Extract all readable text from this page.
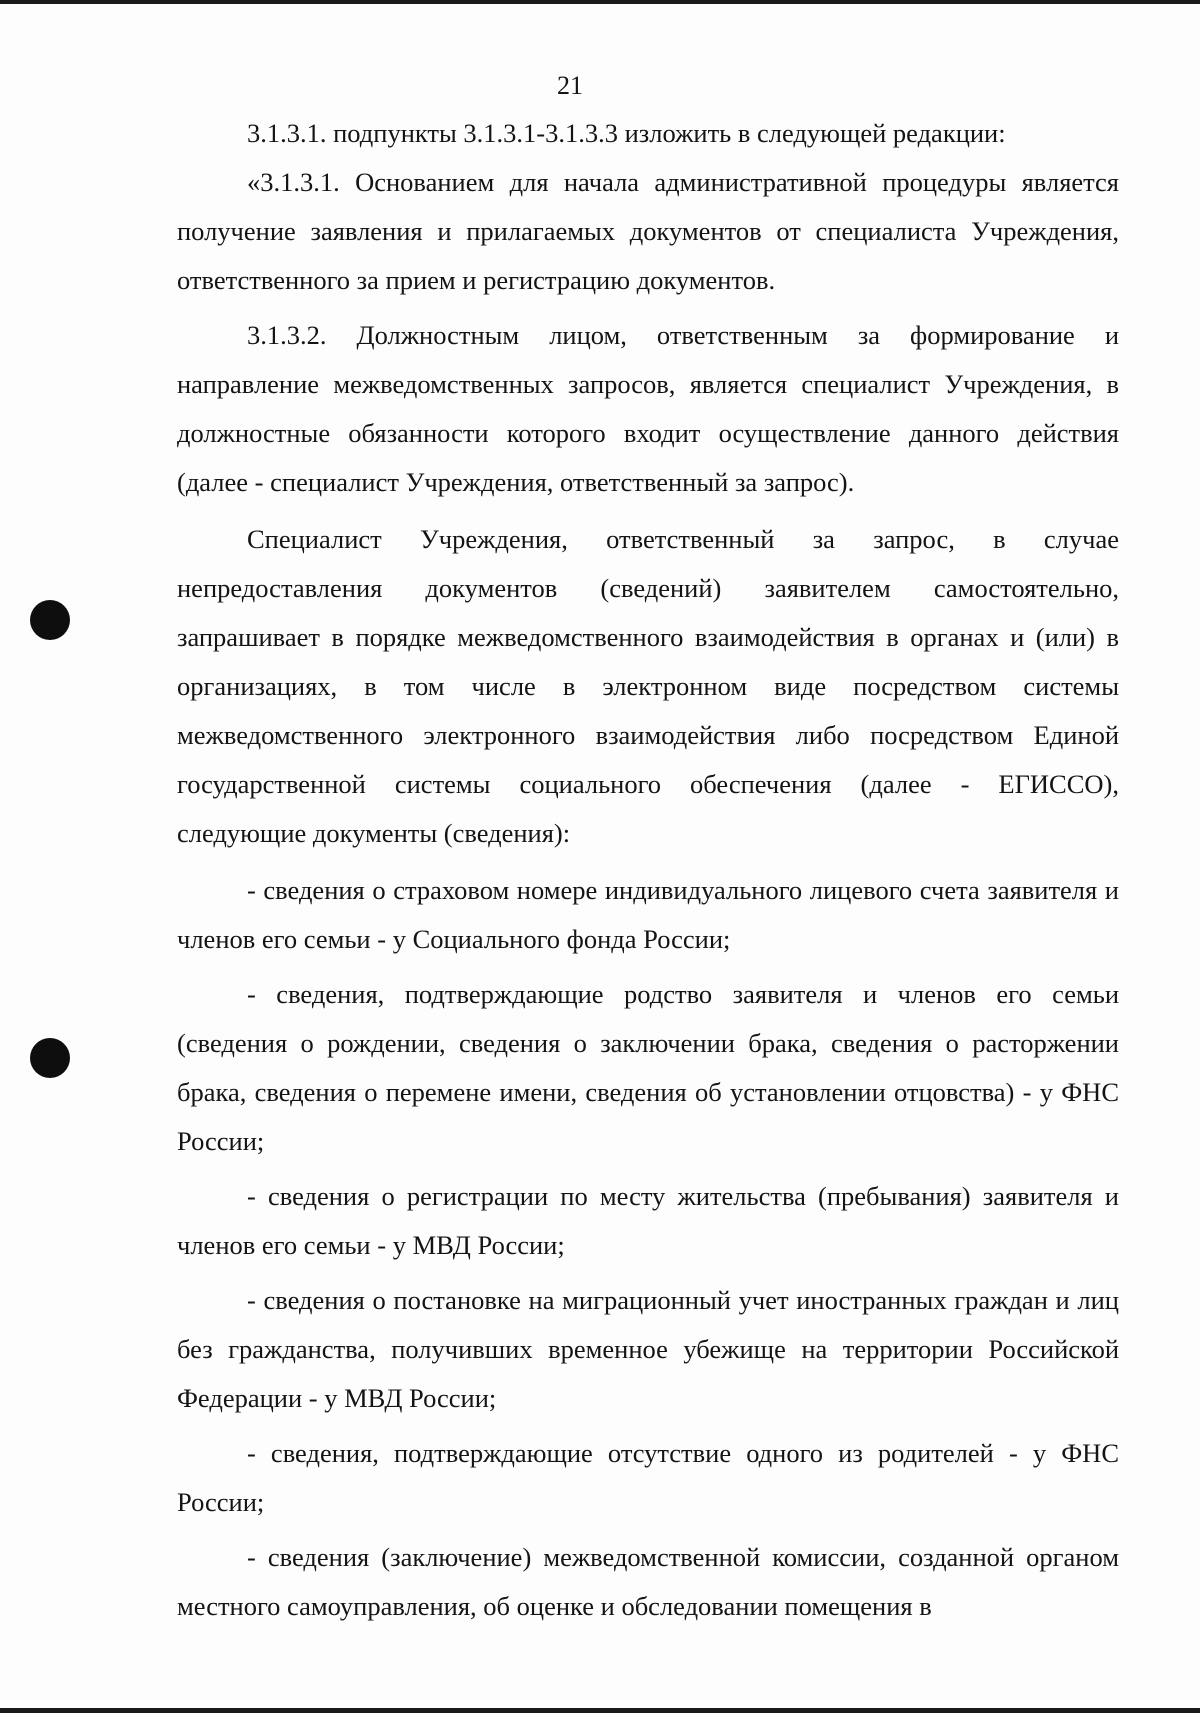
21

3.1.3.1. подпункты 3.1.3.1-3.1.3.3 изложить в следующей редакции:

«3.1.3.1. Основанием для начала административной процедуры является получение заявления и прилагаемых документов от специалиста Учреждения, ответственного за прием и регистрацию документов.

3.1.3.2. Должностным лицом, ответственным за формирование и направление межведомственных запросов, является специалист Учреждения, в должностные обязанности которого входит осуществление данного действия (далее - специалист Учреждения, ответственный за запрос).

Специалист Учреждения, ответственный за запрос, в случае непредоставления документов (сведений) заявителем самостоятельно, запрашивает в порядке межведомственного взаимодействия в органах и (или) в организациях, в том числе в электронном виде посредством системы межведомственного электронного взаимодействия либо посредством Единой государственной системы социального обеспечения (далее - ЕГИССО), следующие документы (сведения):

- сведения о страховом номере индивидуального лицевого счета заявителя и членов его семьи - у Социального фонда России;

- сведения, подтверждающие родство заявителя и членов его семьи (сведения о рождении, сведения о заключении брака, сведения о расторжении брака, сведения о перемене имени, сведения об установлении отцовства) - у ФНС России;

- сведения о регистрации по месту жительства (пребывания) заявителя и членов его семьи - у МВД России;

- сведения о постановке на миграционный учет иностранных граждан и лиц без гражданства, получивших временное убежище на территории Российской Федерации - у МВД России;

- сведения, подтверждающие отсутствие одного из родителей - у ФНС России;

- сведения (заключение) межведомственной комиссии, созданной органом местного самоуправления, об оценке и обследовании помещения в
